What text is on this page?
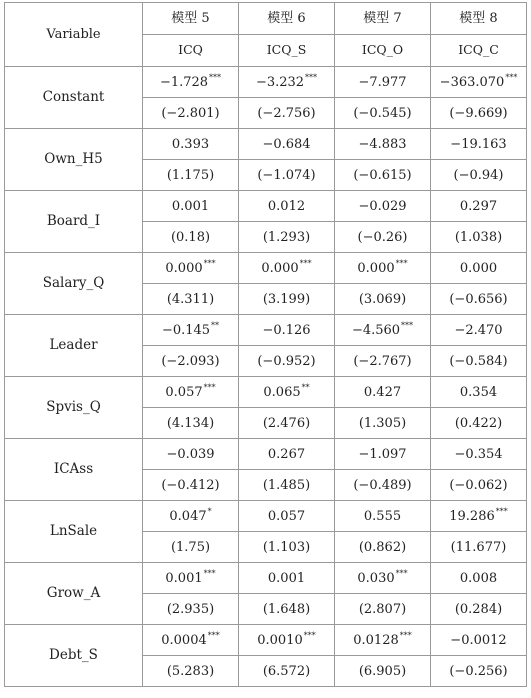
Variable	模型 5	模型 6	模型 7	模型 8
	ICQ	ICQ_S	ICQ_O	ICQ_C
Constant	−1.728***	−3.232***	−7.977	−363.070***
	(−2.801)	(−2.756)	(−0.545)	(−9.669)
Own_H5	0.393	−0.684	−4.883	−19.163
	(1.175)	(−1.074)	(−0.615)	(−0.94)
Board_I	0.001	0.012	−0.029	0.297
	(0.18)	(1.293)	(−0.26)	(1.038)
Salary_Q	0.000***	0.000***	0.000***	0.000
	(4.311)	(3.199)	(3.069)	(−0.656)
Leader	−0.145**	−0.126	−4.560***	−2.470
	(−2.093)	(−0.952)	(−2.767)	(−0.584)
Spvis_Q	0.057***	0.065**	0.427	0.354
	(4.134)	(2.476)	(1.305)	(0.422)
ICAss	−0.039	0.267	−1.097	−0.354
	(−0.412)	(1.485)	(−0.489)	(−0.062)
LnSale	0.047*	0.057	0.555	19.286***
	(1.75)	(1.103)	(0.862)	(11.677)
Grow_A	0.001***	0.001	0.030***	0.008
	(2.935)	(1.648)	(2.807)	(0.284)
Debt_S	0.0004***	0.0010***	0.0128***	−0.0012
	(5.283)	(6.572)	(6.905)	(−0.256)
